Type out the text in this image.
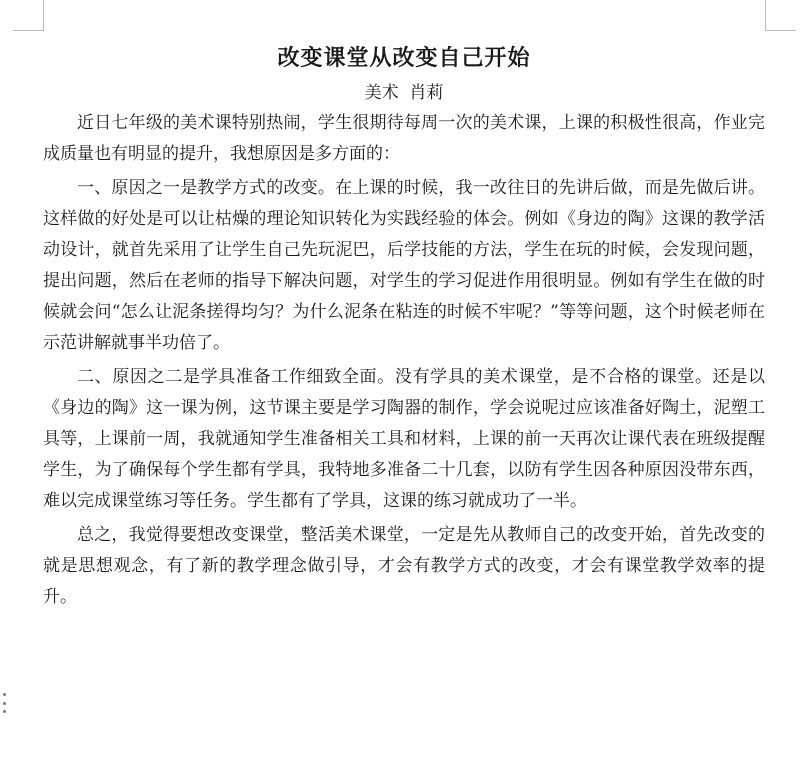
改变课堂从改变自己开始

美术  肖莉

近日七年级的美术课特别热闹，学生很期待每周一次的美术课，上课的积极性很高，作业完成质量也有明显的提升，我想原因是多方面的：

一、原因之一是教学方式的改变。在上课的时候，我一改往日的先讲后做，而是先做后讲。这样做的好处是可以让枯燥的理论知识转化为实践经验的体会。例如《身边的陶》这课的教学活动设计，就首先采用了让学生自己先玩泥巴，后学技能的方法，学生在玩的时候，会发现问题，提出问题，然后在老师的指导下解决问题，对学生的学习促进作用很明显。例如有学生在做的时候就会问“怎么让泥条搓得均匀？为什么泥条在粘连的时候不牢呢？”等等问题，这个时候老师在示范讲解就事半功倍了。

二、原因之二是学具准备工作细致全面。没有学具的美术课堂，是不合格的课堂。还是以《身边的陶》这一课为例，这节课主要是学习陶器的制作，学会说呢过应该准备好陶土，泥塑工具等，上课前一周，我就通知学生准备相关工具和材料，上课的前一天再次让课代表在班级提醒学生，为了确保每个学生都有学具，我特地多准备二十几套，以防有学生因各种原因没带东西，难以完成课堂练习等任务。学生都有了学具，这课的练习就成功了一半。

总之，我觉得要想改变课堂，整活美术课堂，一定是先从教师自己的改变开始，首先改变的就是思想观念，有了新的教学理念做引导，才会有教学方式的改变，才会有课堂教学效率的提升。
